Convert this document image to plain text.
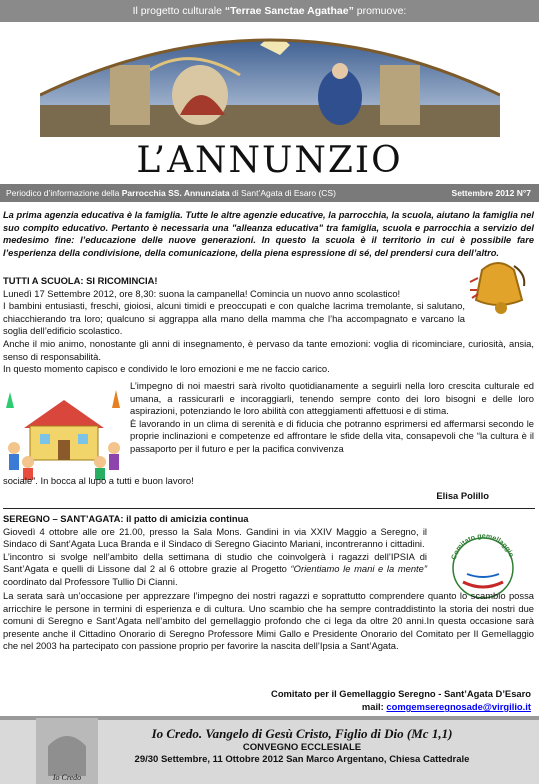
Il progetto culturale “Terrae Sanctae Agathae” promuove:
L’ANNUNZIO
Periodico d’informazione della Parrocchia SS. Annunziata di Sant’Agata di Esaro (CS)	Settembre 2012 N°7
La prima agenzia educativa è la famiglia. Tutte le altre agenzie educative, la parrocchia, la scuola, aiutano la famiglia nel suo compito educativo. Pertanto è necessaria una "alleanza educativa" tra famiglia, scuola e parrocchia a servizio del medesimo fine: l’educazione delle nuove generazioni. In questo la scuola è il territorio in cui è possibile fare l’esperienza della condivisione, della comunicazione, della piena espressione di sé, del prendersi cura dell’altro.

TUTTI A SCUOLA: SI RICOMINCIA!

Lunedì 17 Settembre 2012, ore 8,30: suona la campanella! Comincia un nuovo anno scolastico!

I bambini entusiasti, freschi, gioiosi, alcuni timidi e preoccupati e con qualche lacrima tremolante, si salutano, chiacchierando tra loro; qualcuno si aggrappa alla mano della mamma che l’ha accompagnato e varcano la soglia dell’edificio scolastico.

Anche il mio animo, nonostante gli anni di insegnamento, è pervaso da tante emozioni: voglia di ricominciare, curiosità, ansia, senso di responsabilità.

In questo momento capisco e condivido le loro emozioni e me ne faccio carico.

L’impegno di noi maestri sarà rivolto quotidianamente a seguirli nella loro crescita culturale ed umana, a rassicurarli e incoraggiarli, tenendo sempre conto dei loro bisogni e delle loro aspirazioni, potenziando le loro abilità con atteggiamenti affettuosi e di stima.

È lavorando in un clima di serenità e di fiducia che potranno esprimersi ed affermarsi secondo le proprie inclinazioni e competenze ed affrontare le sfide della vita, consapevoli che “la cultura è il passaporto per il futuro e per la pacifica convivenza

sociale”. In bocca al lupo a tutti e buon lavoro!
Elisa Polillo

SEREGNO – SANT’AGATA: il patto di amicizia continua

Giovedì 4 ottobre alle ore 21.00, presso la Sala Mons. Gandini in via XXIV Maggio a Seregno, il Sindaco di Sant’Agata Luca Branda e il Sindaco di Seregno Giacinto Mariani, incontreranno i cittadini.

L’incontro si svolge nell’ambito della settimana di studio che coinvolgerà i ragazzi dell’IPSIA di Sant’Agata e quelli di Lissone dal 2 al 6 ottobre grazie al Progetto “Orientiamo le mani e la mente” coordinato dal Professore Tullio Di Cianni.

Comitato gemellaggio
La serata sarà un’occasione per apprezzare l’impegno dei nostri ragazzi e soprattutto comprendere quanto lo scambio possa arricchire le persone in termini di esperienza e di cultura. Uno scambio che ha sempre contraddistinto la storia dei nostri due comuni di Seregno e Sant’Agata nell’ambito del gemellaggio profondo che ci lega da oltre 20 anni.In questa occasione sarà presente anche il Cittadino Onorario di Seregno Professore Mimi Gallo e Presidente Onorario del Comitato per Il Gemellaggio che nel 2003 ha partecipato con passione proprio per favorire la nascita dell’Ipsia a Sant’Agata.
Comitato per il Gemellaggio Seregno - Sant’Agata D’Esaro
mail: comgemseregnosade@virgilio.it
Io Credo
Io Credo. Vangelo di Gesù Cristo, Figlio di Dio (Mc 1,1)
CONVEGNO ECCLESIALE
29/30 Settembre, 11 Ottobre 2012 San Marco Argentano, Chiesa Cattedrale
